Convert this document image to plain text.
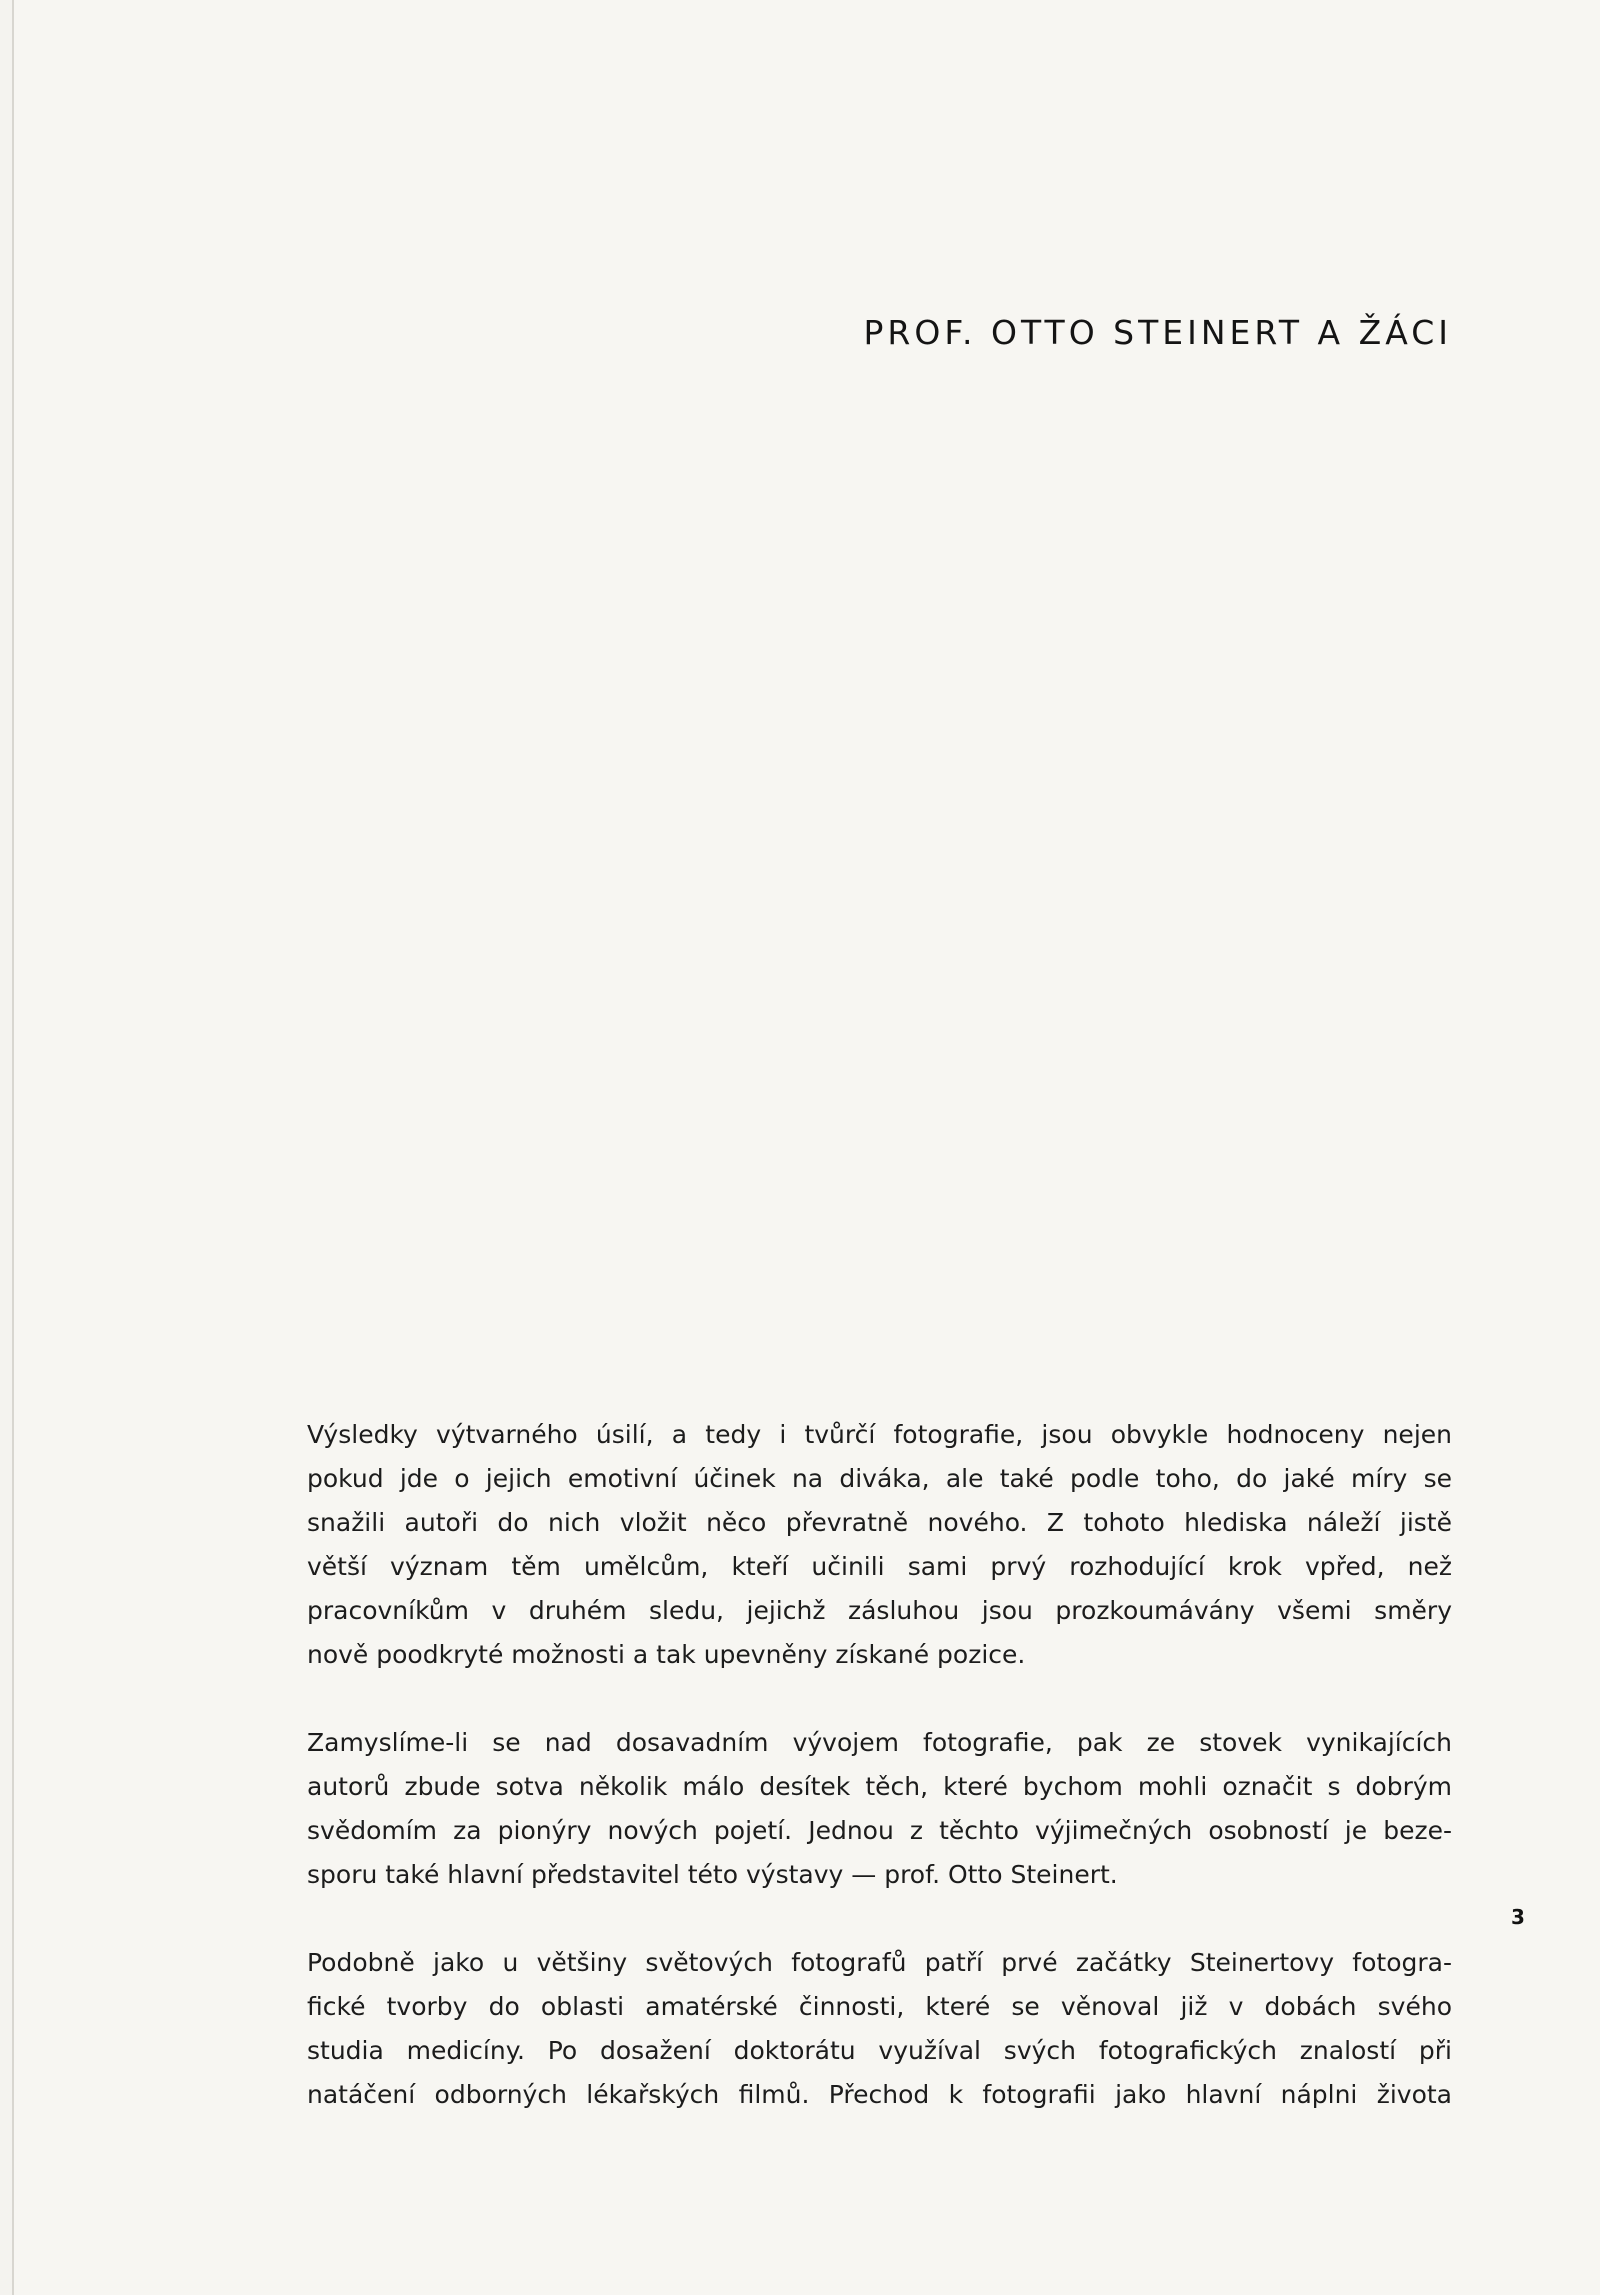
PROF. OTTO STEINERT A ŽÁCI

Výsledky výtvarného úsilí, a tedy i tvůrčí fotografie, jsou obvykle hodnoceny nejen
pokud jde o jejich emotivní účinek na diváka, ale také podle toho, do jaké míry se
snažili autoři do nich vložit něco převratně nového. Z tohoto hlediska náleží jistě
větší význam těm umělcům, kteří učinili sami prvý rozhodující krok vpřed, než
pracovníkům v druhém sledu, jejichž zásluhou jsou prozkoumávány všemi směry
nově poodkryté možnosti a tak upevněny získané pozice.

Zamyslíme-li se nad dosavadním vývojem fotografie, pak ze stovek vynikajících
autorů zbude sotva několik málo desítek těch, které bychom mohli označit s dobrým
svědomím za pionýry nových pojetí. Jednou z těchto výjimečných osobností je beze-
sporu také hlavní představitel této výstavy — prof. Otto Steinert.

Podobně jako u většiny světových fotografů patří prvé začátky Steinertovy fotogra-
fické tvorby do oblasti amatérské činnosti, které se věnoval již v dobách svého
studia medicíny. Po dosažení doktorátu využíval svých fotografických znalostí při
natáčení odborných lékařských filmů. Přechod k fotografii jako hlavní náplni života

3
